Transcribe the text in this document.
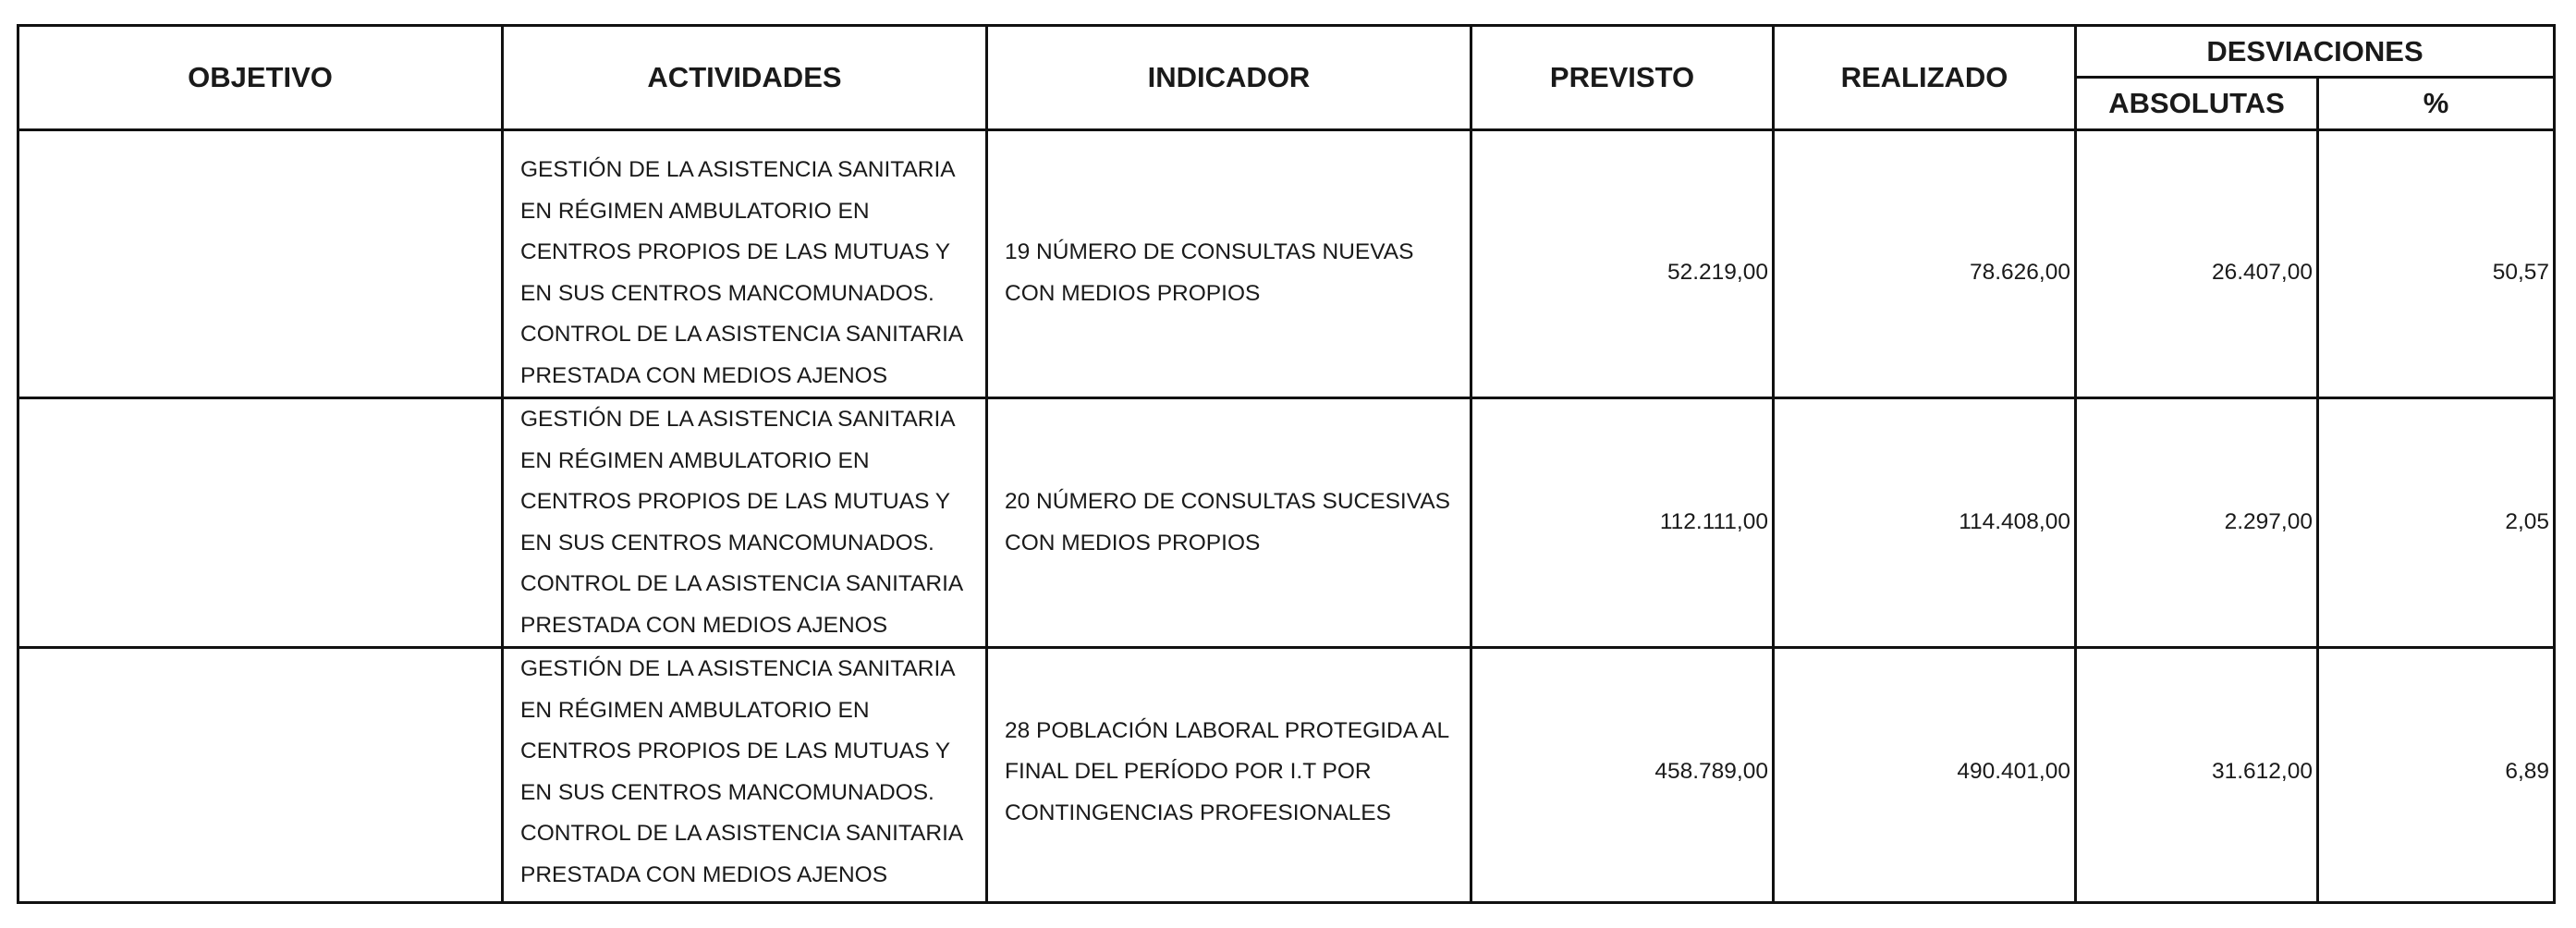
OBJETIVO	ACTIVIDADES	INDICADOR	PREVISTO	REALIZADO	DESVIACIONES	
					ABSOLUTAS	%
	GESTIÓN DE LA ASISTENCIA SANITARIA EN RÉGIMEN AMBULATORIO EN CENTROS PROPIOS DE LAS MUTUAS Y EN SUS CENTROS MANCOMUNADOS. CONTROL DE LA ASISTENCIA SANITARIA PRESTADA CON MEDIOS AJENOS	19 NÚMERO DE CONSULTAS NUEVAS CON MEDIOS PROPIOS	52.219,00	78.626,00	26.407,00	50,57
	GESTIÓN DE LA ASISTENCIA SANITARIA EN RÉGIMEN AMBULATORIO EN CENTROS PROPIOS DE LAS MUTUAS Y EN SUS CENTROS MANCOMUNADOS. CONTROL DE LA ASISTENCIA SANITARIA PRESTADA CON MEDIOS AJENOS	20 NÚMERO DE CONSULTAS SUCESIVAS CON MEDIOS PROPIOS	112.111,00	114.408,00	2.297,00	2,05
	GESTIÓN DE LA ASISTENCIA SANITARIA EN RÉGIMEN AMBULATORIO EN CENTROS PROPIOS DE LAS MUTUAS Y EN SUS CENTROS MANCOMUNADOS. CONTROL DE LA ASISTENCIA SANITARIA PRESTADA CON MEDIOS AJENOS	28 POBLACIÓN LABORAL PROTEGIDA AL FINAL DEL PERÍODO POR I.T POR CONTINGENCIAS PROFESIONALES	458.789,00	490.401,00	31.612,00	6,89
